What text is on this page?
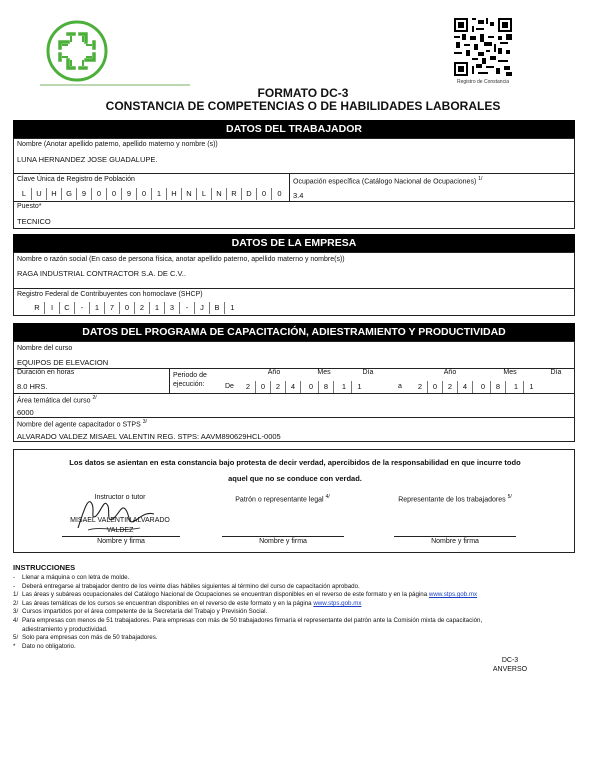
Registro de Constancia
FORMATO DC-3
CONSTANCIA DE COMPETENCIAS O DE HABILIDADES LABORALES
DATOS DEL TRABAJADOR
Nombre (Anotar apellido paterno, apellido materno y nombre (s))
LUNA HERNANDEZ JOSE GUADALUPE.
Clave Única de Registro de Población
L	U	H	G	9	0	0	9	0	1	H	N	L	N	R	D	0	0
Ocupación específica (Catálogo Nacional de Ocupaciones) $^{1/}$
3.4
Puesto*
TECNICO
DATOS DE LA EMPRESA
Nombre o razón social (En caso de persona física, anotar apellido paterno, apellido materno y nombre(s))
RAGA INDUSTRIAL CONTRACTOR S.A. DE C.V..
Registro Federal de Contribuyentes con homoclave (SHCP)
R	I	C	-	1	7	0	2	1	3	-	J	B	1
DATOS DEL PROGRAMA DE CAPACITACIÓN, ADIESTRAMIENTO Y PRODUCTIVIDAD
Nombre del curso
EQUIPOS DE ELEVACION
Duración en horas
8.0 HRS.
Periodo de
ejecución:	De	a
Año	Mes	Día	Año	Mes	Día
2	0	2	4	0	8	1	1	2	0	2	4	0	8	1	1
Área temática del curso $^{2/}$
6000
Nombre del agente capacitador o STPS $^{3/}$
ALVARADO VALDEZ MISAEL VALENTIN REG. STPS: AAVM890629HCL-0005
Los datos se asientan en esta constancia bajo protesta de decir verdad, apercibidos de la responsabilidad en que incurre todo
aquel que no se conduce con verdad.
Instructor o tutor
MISAEL VALENTIN ALVARADO
VALDEZ
Nombre y firma
Patrón o representante legal $^{4/}$
Nombre y firma
Representante de los trabajadores $^{5/}$
Nombre y firma
INSTRUCCIONES
- Llenar a máquina o con letra de molde.
- Deberá entregarse al trabajador dentro de los veinte días hábiles siguientes al término del curso de capacitación aprobado.
1/ Las áreas y subáreas ocupacionales del Catálogo Nacional de Ocupaciones se encuentran disponibles en el reverso de este formato y en la página www.stps.gob.mx
2/ Las áreas temáticas de los cursos se encuentran disponibles en el reverso de este formato y en la página www.stps.gob.mx
3/ Cursos impartidos por el área competente de la Secretaría del Trabajo y Previsión Social.
4/ Para empresas con menos de 51 trabajadores. Para empresas con más de 50 trabajadores firmaría el representante del patrón ante la Comisión mixta de capacitación,
adiestramiento y productividad.
5/ Solo para empresas con más de 50 trabajadores.
* Dato no obligatorio.
DC-3
ANVERSO
